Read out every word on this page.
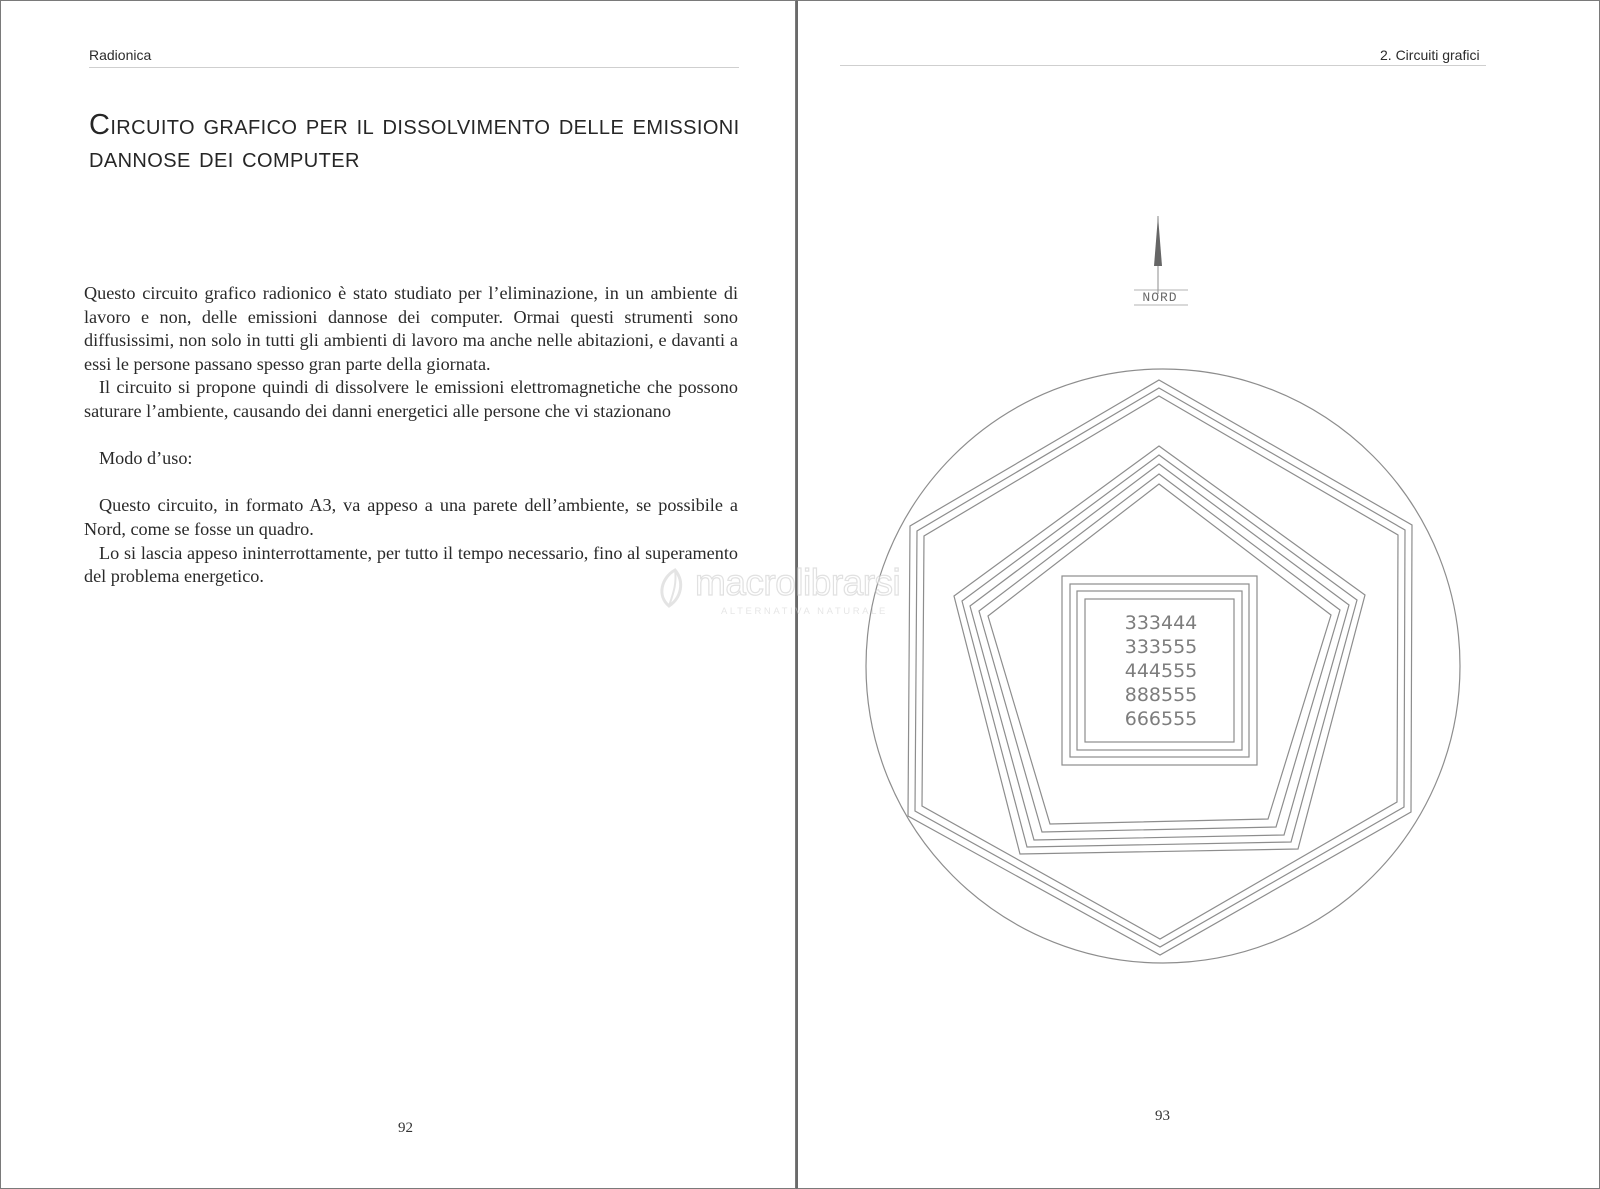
Radionica
Circuito grafico per il dissolvimento delle emissioni dannose dei computer

Questo circuito grafico radionico è stato studiato per l’eliminazione, in un ambiente di lavoro e non, delle emissioni dannose dei computer. Ormai questi strumenti sono diffusissimi, non solo in tutti gli ambienti di lavoro ma anche nelle abitazioni, e davanti a essi le persone passano spesso gran parte della giornata.

Il circuito si propone quindi di dissolvere le emissioni elettromagnetiche che possono saturare l’ambiente, causando dei danni energetici alle persone che vi stazionano

Modo d’uso:

Questo circuito, in formato A3, va appeso a una parete dell’ambiente, se possibile a Nord, come se fosse un quadro.

Lo si lascia appeso ininterrottamente, per tutto il tempo necessario, fino al superamento del problema energetico.

92
2. Circuiti grafici
93
NORD
333444
333555
444555
888555
666555
macrolibrarsi
ALTERNATIVA NATURALE
